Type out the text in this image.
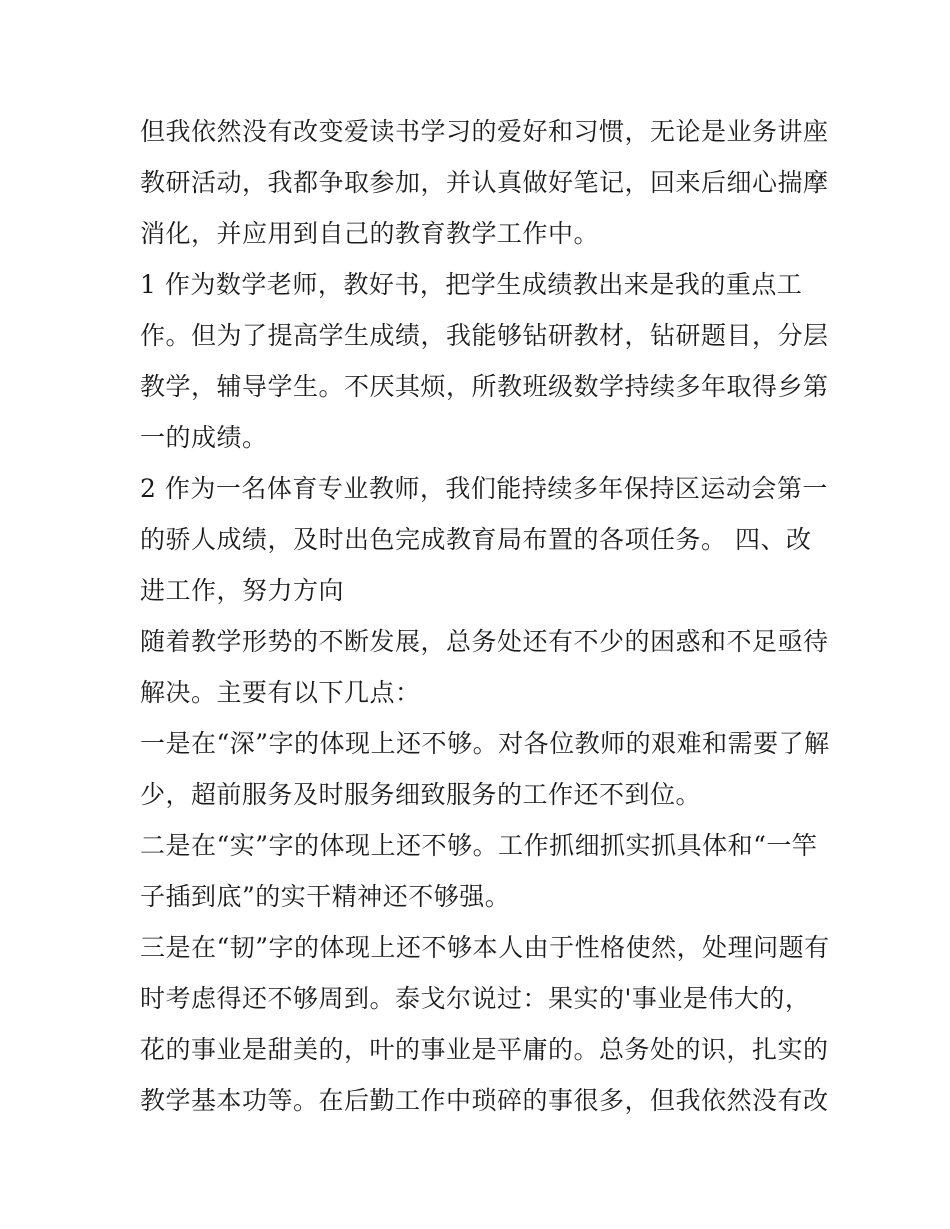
但我依然没有改变爱读书学习的爱好和习惯，无论是业务讲座
教研活动，我都争取参加，并认真做好笔记，回来后细心揣摩
消化，并应用到自己的教育教学工作中。
1 作为数学老师，教好书，把学生成绩教出来是我的重点工
作。但为了提高学生成绩，我能够钻研教材，钻研题目，分层
教学，辅导学生。不厌其烦，所教班级数学持续多年取得乡第
一的成绩。
2 作为一名体育专业教师，我们能持续多年保持区运动会第一
的骄人成绩，及时出色完成教育局布置的各项任务。 四、改
进工作，努力方向
随着教学形势的不断发展，总务处还有不少的困惑和不足亟待
解决。主要有以下几点：
一是在“深”字的体现上还不够。对各位教师的艰难和需要了解
少，超前服务及时服务细致服务的工作还不到位。
二是在“实”字的体现上还不够。工作抓细抓实抓具体和“一竿
子插到底”的实干精神还不够强。
三是在“韧”字的体现上还不够本人由于性格使然，处理问题有
时考虑得还不够周到。泰戈尔说过：果实的'事业是伟大的，
花的事业是甜美的，叶的事业是平庸的。总务处的识，扎实的
教学基本功等。在后勤工作中琐碎的事很多，但我依然没有改
